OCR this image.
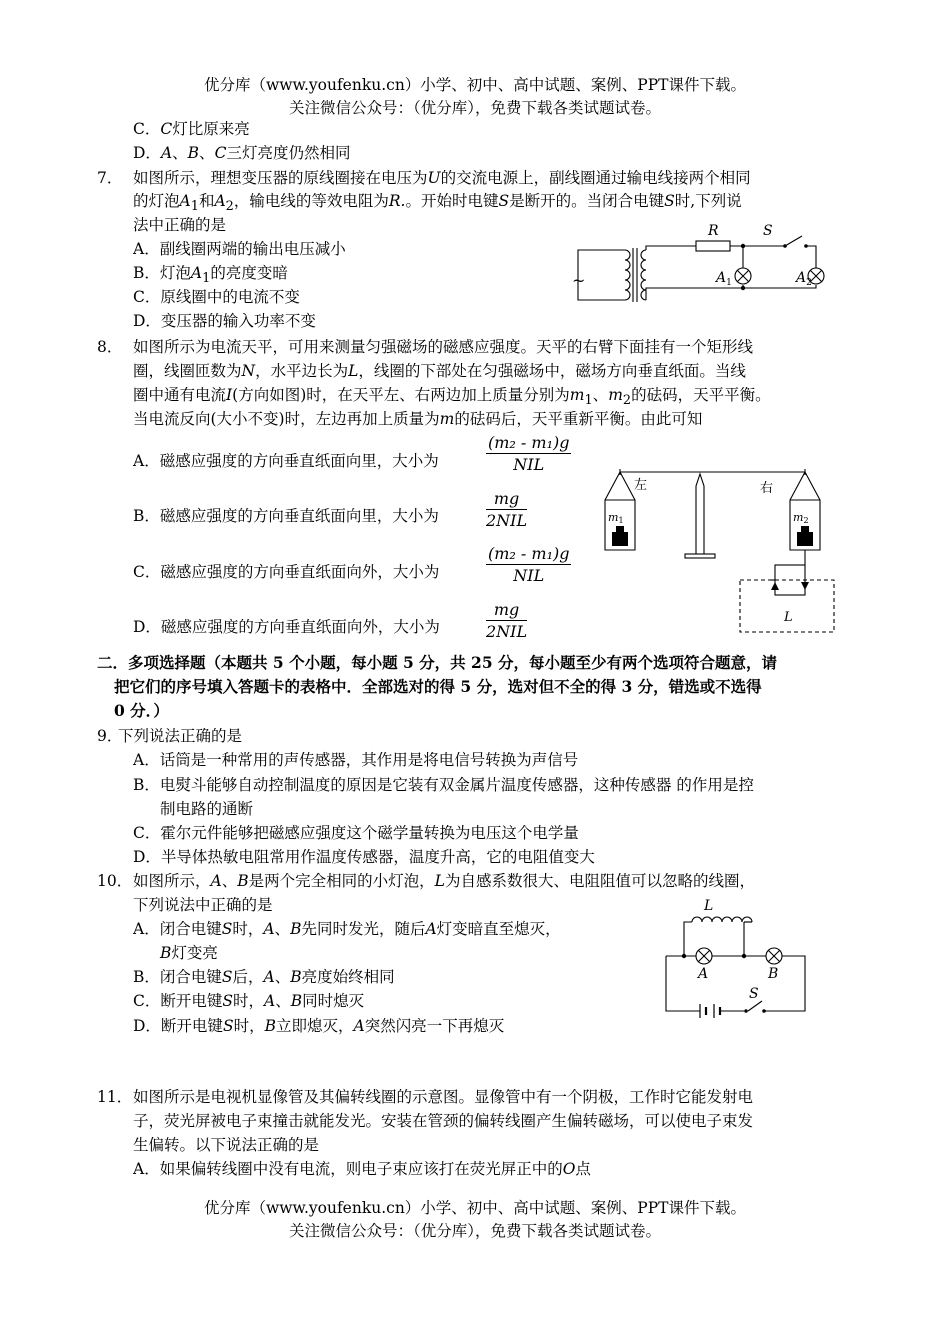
优分库（www.youfenku.cn）小学、初中、高中试题、案例、PPT课件下载。
关注微信公众号：（优分库），免费下载各类试题试卷。
C．C灯比原来亮
D．A、B、C三灯亮度仍然相同
7． 如图所示，理想变压器的原线圈接在电压为U的交流电源上，副线圈通过输电线接两个相同
的灯泡$A_1$和$A_2$，输电线的等效电阻为R.。开始时电键S是断开的。当闭合电键S时,下列说
法中正确的是
A．副线圈两端的输出电压减小
B．灯泡$A_1$的亮度变暗
C．原线圈中的电流不变
D．变压器的输入功率不变
~
R	S
$A_1$	$A_2$
8． 如图所示为电流天平，可用来测量匀强磁场的磁感应强度。天平的右臂下面挂有一个矩形线
圈，线圈匝数为N，水平边长为L，线圈的下部处在匀强磁场中，磁场方向垂直纸面。当线
圈中通有电流I(方向如图)时，在天平左、右两边加上质量分别为$m_1$、$m_2$的砝码，天平平衡。
当电流反向(大小不变)时，左边再加上质量为m的砝码后，天平重新平衡。由此可知
A．磁感应强度的方向垂直纸面向里，大小为
(m₂ - m₁)g
NIL
B．磁感应强度的方向垂直纸面向里，大小为
mg
2NIL
C．磁感应强度的方向垂直纸面向外，大小为
(m₂ - m₁)g
NIL
D．磁感应强度的方向垂直纸面向外，大小为
mg
2NIL
左	右
m1	m2
L
二．多项选择题（本题共 5 个小题，每小题 5 分，共 25 分，每小题至少有两个选项符合题意，请
把它们的序号填入答题卡的表格中．全部选对的得 5 分，选对但不全的得 3 分，错选或不选得
0 分．）
9．
下列说法正确的是
A．话筒是一种常用的声传感器，其作用是将电信号转换为声信号
B．电熨斗能够自动控制温度的原因是它装有双金属片温度传感器，这种传感器 的作用是控
制电路的通断
C．霍尔元件能够把磁感应强度这个磁学量转换为电压这个电学量
D．半导体热敏电阻常用作温度传感器，温度升高，它的电阻值变大
10． 如图所示，A、B是两个完全相同的小灯泡，L为自感系数很大、电阻阻值可以忽略的线圈，
下列说法中正确的是
A．闭合电键S时，A、B先同时发光，随后A灯变暗直至熄灭，
B灯变亮
B．闭合电键S后，A、B亮度始终相同
C．断开电键S时，A、B同时熄灭
D．断开电键S时，B立即熄灭，A突然闪亮一下再熄灭
L
A	B
S
11． 如图所示是电视机显像管及其偏转线圈的示意图。显像管中有一个阴极，工作时它能发射电
子，荧光屏被电子束撞击就能发光。安装在管颈的偏转线圈产生偏转磁场，可以使电子束发
生偏转。以下说法正确的是
A．如果偏转线圈中没有电流，则电子束应该打在荧光屏正中的O点
优分库（www.youfenku.cn）小学、初中、高中试题、案例、PPT课件下载。
关注微信公众号：（优分库），免费下载各类试题试卷。
